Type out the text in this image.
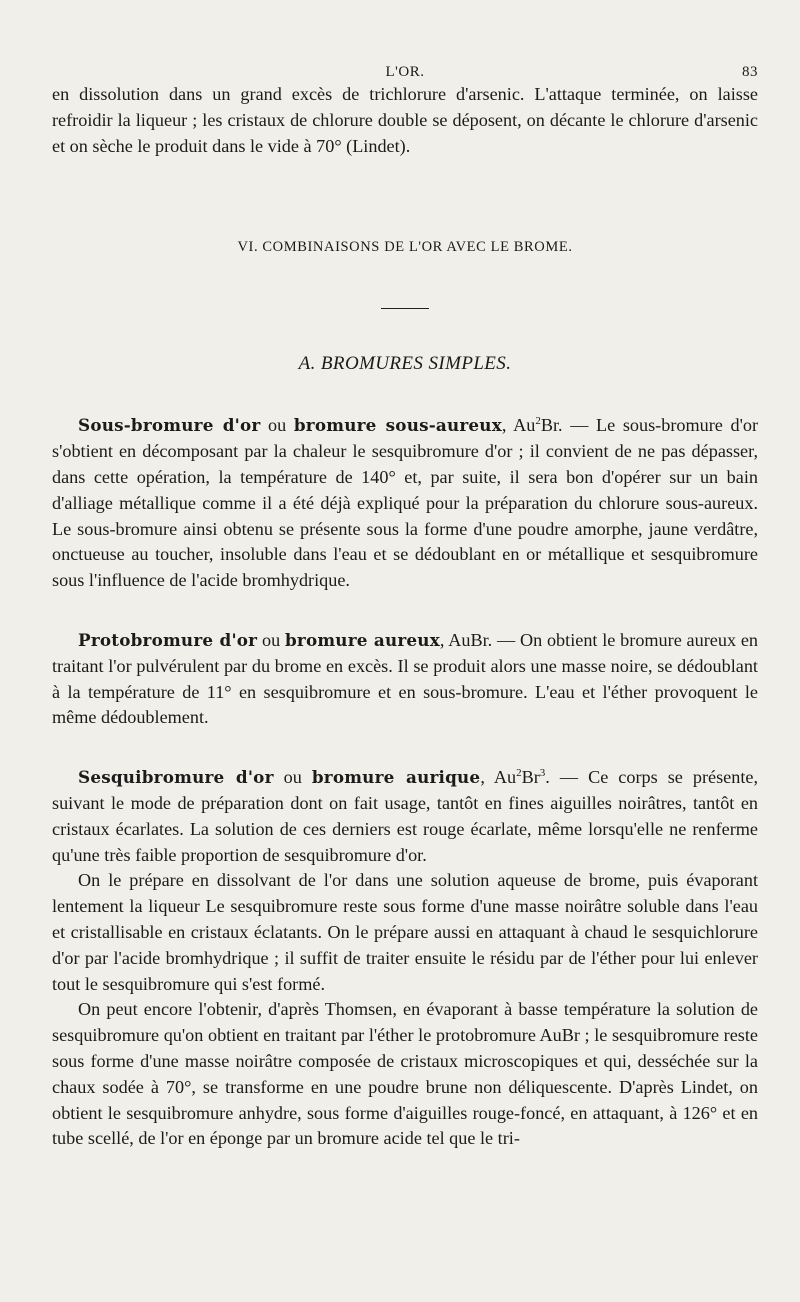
L'OR.	83

en dissolution dans un grand excès de trichlorure d'arsenic. L'attaque terminée, on laisse refroidir la liqueur ; les cristaux de chlorure double se déposent, on décante le chlorure d'arsenic et on sèche le produit dans le vide à 70° (Lindet).

VI. COMBINAISONS DE L'OR AVEC LE BROME.
A. BROMURES SIMPLES.

Sous-bromure d'or ou bromure sous-aureux, Au$^2$Br. — Le sous-bromure d'or s'obtient en décomposant par la chaleur le sesquibromure d'or ; il convient de ne pas dépasser, dans cette opération, la température de 140° et, par suite, il sera bon d'opérer sur un bain d'alliage métallique comme il a été déjà expliqué pour la préparation du chlorure sous-aureux. Le sous-bromure ainsi obtenu se présente sous la forme d'une poudre amorphe, jaune verdâtre, onctueuse au toucher, insoluble dans l'eau et se dédoublant en or métallique et sesquibromure sous l'influence de l'acide bromhydrique.

Protobromure d'or ou bromure aureux, AuBr. — On obtient le bromure aureux en traitant l'or pulvérulent par du brome en excès. Il se produit alors une masse noire, se dédoublant à la température de 11° en sesquibromure et en sous-bromure. L'eau et l'éther provoquent le même dédoublement.

Sesquibromure d'or ou bromure aurique, Au$^2$Br$^3$. — Ce corps se présente, suivant le mode de préparation dont on fait usage, tantôt en fines aiguilles noirâtres, tantôt en cristaux écarlates. La solution de ces derniers est rouge écarlate, même lorsqu'elle ne renferme qu'une très faible proportion de sesquibromure d'or.

On le prépare en dissolvant de l'or dans une solution aqueuse de brome, puis évaporant lentement la liqueur Le sesquibromure reste sous forme d'une masse noirâtre soluble dans l'eau et cristallisable en cristaux éclatants. On le prépare aussi en attaquant à chaud le sesquichlorure d'or par l'acide bromhydrique ; il suffit de traiter ensuite le résidu par de l'éther pour lui enlever tout le sesquibromure qui s'est formé.

On peut encore l'obtenir, d'après Thomsen, en évaporant à basse température la solution de sesquibromure qu'on obtient en traitant par l'éther le protobromure AuBr ; le sesquibromure reste sous forme d'une masse noirâtre composée de cristaux microscopiques et qui, desséchée sur la chaux sodée à 70°, se transforme en une poudre brune non déliquescente. D'après Lindet, on obtient le sesquibromure anhydre, sous forme d'aiguilles rouge-foncé, en attaquant, à 126° et en tube scellé, de l'or en éponge par un bromure acide tel que le tri-
